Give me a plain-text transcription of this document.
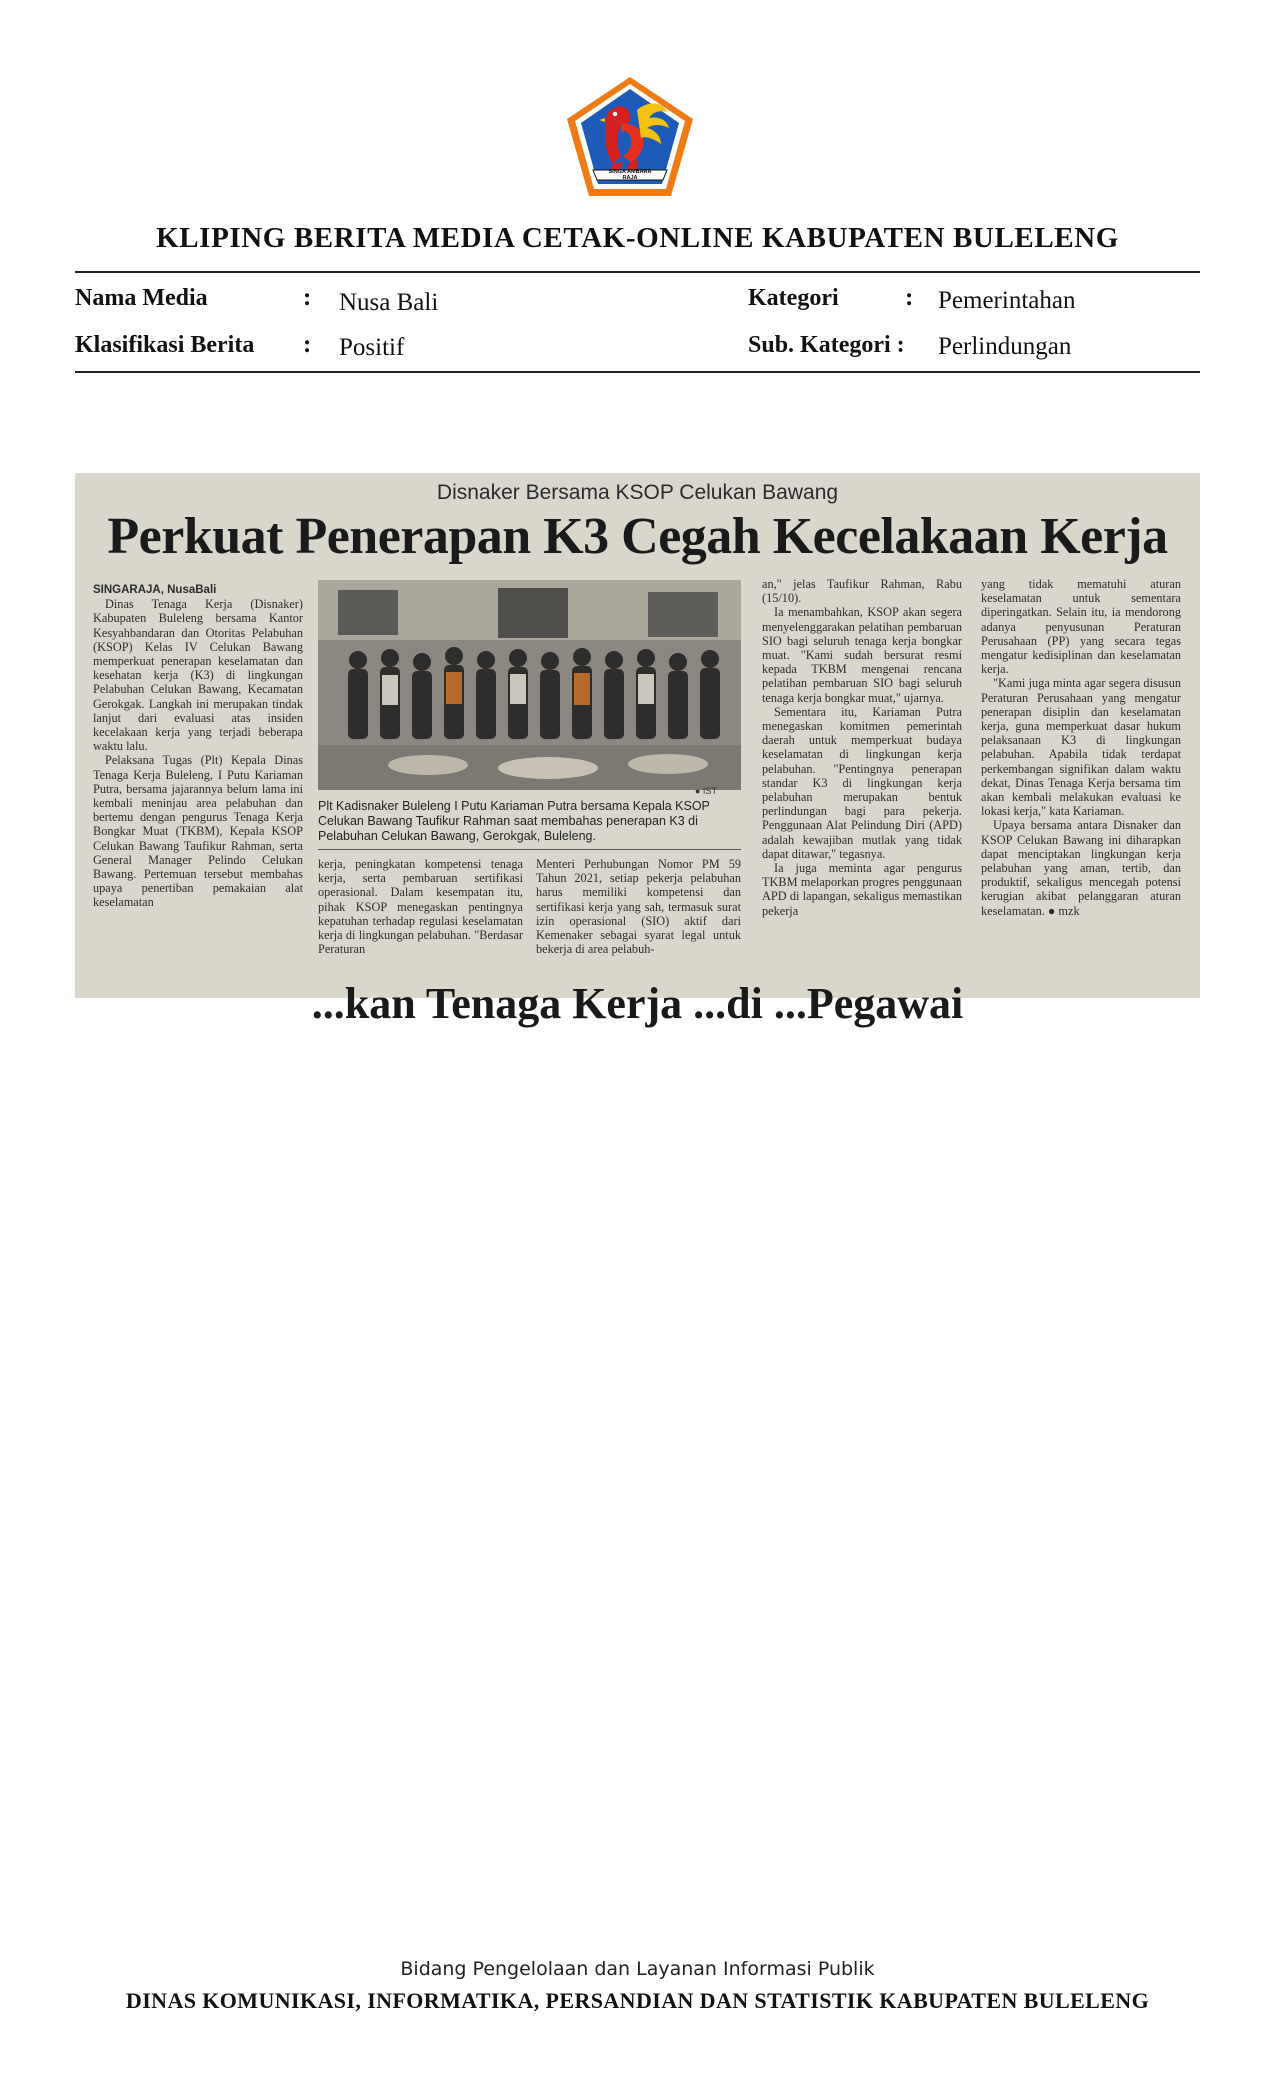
SINGA AMBARA RAJA
KLIPING BERITA MEDIA CETAK-ONLINE KABUPATEN BULELENG
Nama Media	: Nusa Bali	Kategori	: Pemerintahan
Klasifikasi Berita : Positif	Sub. Kategori : Perlindungan
Disnaker Bersama KSOP Celukan Bawang
Perkuat Penerapan K3 Cegah Kecelakaan Kerja

SINGARAJA, NusaBali

Dinas Tenaga Kerja (Disnaker) Kabupaten Buleleng bersama Kantor Kesyahbandaran dan Otoritas Pelabuhan (KSOP) Kelas IV Celukan Bawang memperkuat penerapan keselamatan dan kesehatan kerja (K3) di lingkungan Pelabuhan Celukan Bawang, Kecamatan Gerokgak. Langkah ini merupakan tindak lanjut dari evaluasi atas insiden kecelakaan kerja yang terjadi beberapa waktu lalu.

Pelaksana Tugas (Plt) Kepala Dinas Tenaga Kerja Buleleng, I Putu Kariaman Putra, bersama jajarannya belum lama ini kembali meninjau area pelabuhan dan bertemu dengan pengurus Tenaga Kerja Bongkar Muat (TKBM), Kepala KSOP Celukan Bawang Taufikur Rahman, serta General Manager Pelindo Celukan Bawang. Pertemuan tersebut membahas upaya penertiban pemakaian alat keselamatan

● IST
Plt Kadisnaker Buleleng I Putu Kariaman Putra bersama Kepala KSOP Celukan Bawang Taufikur Rahman saat membahas penerapan K3 di Pelabuhan Celukan Bawang, Gerokgak, Buleleng.

kerja, peningkatan kompetensi tenaga kerja, serta pembaruan sertifikasi operasional. Dalam kesempatan itu, pihak KSOP menegaskan pentingnya kepatuhan terhadap regulasi keselamatan kerja di lingkungan pelabuhan. "Berdasar Peraturan

Menteri Perhubungan Nomor PM 59 Tahun 2021, setiap pekerja pelabuhan harus memiliki kompetensi dan sertifikasi kerja yang sah, termasuk surat izin operasional (SIO) aktif dari Kemenaker sebagai syarat legal untuk bekerja di area pelabuh-

an," jelas Taufikur Rahman, Rabu (15/10).

Ia menambahkan, KSOP akan segera menyelenggarakan pelatihan pembaruan SIO bagi seluruh tenaga kerja bongkar muat. "Kami sudah bersurat resmi kepada TKBM mengenai rencana pelatihan pembaruan SIO bagi seluruh tenaga kerja bongkar muat," ujarnya.

Sementara itu, Kariaman Putra menegaskan komitmen pemerintah daerah untuk memperkuat budaya keselamatan di lingkungan kerja pelabuhan. "Pentingnya penerapan standar K3 di lingkungan kerja pelabuhan merupakan bentuk perlindungan bagi para pekerja. Penggunaan Alat Pelindung Diri (APD) adalah kewajiban mutlak yang tidak dapat ditawar," tegasnya.

Ia juga meminta agar pengurus TKBM melaporkan progres penggunaan APD di lapangan, sekaligus memastikan pekerja

yang tidak mematuhi aturan keselamatan untuk sementara diperingatkan. Selain itu, ia mendorong adanya penyusunan Peraturan Perusahaan (PP) yang secara tegas mengatur kedisiplinan dan keselamatan kerja.

"Kami juga minta agar segera disusun Peraturan Perusahaan yang mengatur penerapan disiplin dan keselamatan kerja, guna memperkuat dasar hukum pelaksanaan K3 di lingkungan pelabuhan. Apabila tidak terdapat perkembangan signifikan dalam waktu dekat, Dinas Tenaga Kerja bersama tim akan kembali melakukan evaluasi ke lokasi kerja," kata Kariaman.

Upaya bersama antara Disnaker dan KSOP Celukan Bawang ini diharapkan dapat menciptakan lingkungan kerja pelabuhan yang aman, tertib, dan produktif, sekaligus mencegah potensi kerugian akibat pelanggaran aturan keselamatan. ● mzk

...kan Tenaga Kerja ...di ...Pegawai
Bidang Pengelolaan dan Layanan Informasi Publik
DINAS KOMUNIKASI, INFORMATIKA, PERSANDIAN DAN STATISTIK KABUPATEN BULELENG
